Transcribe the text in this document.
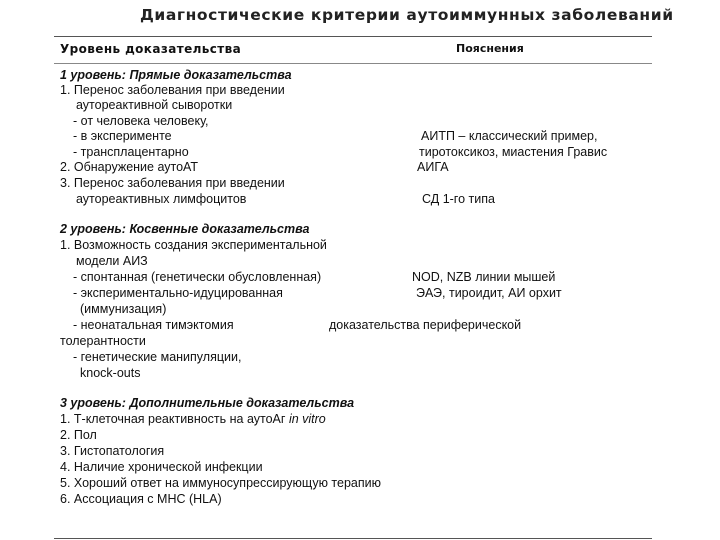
Диагностические критерии аутоиммунных заболеваний
Уровень доказательства	Пояснения
1 уровень: Прямые доказательства
1. Перенос заболевания при введении
аутореактивной сыворотки
- от человека человеку,
- в эксперименте
- трансплацентарно
2. Обнаружение аутоАТ
3. Перенос заболевания при введении
аутореактивных лимфоцитов
АИТП – классический пример,
тиротоксикоз, миастения Гравис
АИГА
СД 1-го типа
2 уровень: Косвенные доказательства
1. Возможность создания экспериментальной
модели АИЗ
- спонтанная (генетически обусловленная)
- экспериментально-идуцированная
(иммунизация)
- неонатальная тимэктомия
толерантности
- генетические манипуляции,
knock-outs
NOD, NZB линии мышей
ЭАЭ, тироидит, АИ орхит
доказательства периферической
3 уровень: Дополнительные доказательства
1. Т-клеточная реактивность на аутоАг in vitro
2. Пол
3. Гистопатология
4. Наличие хронической инфекции
5. Хороший ответ на иммуносупрессирующую терапию
6. Ассоциация с МНС (HLA)
